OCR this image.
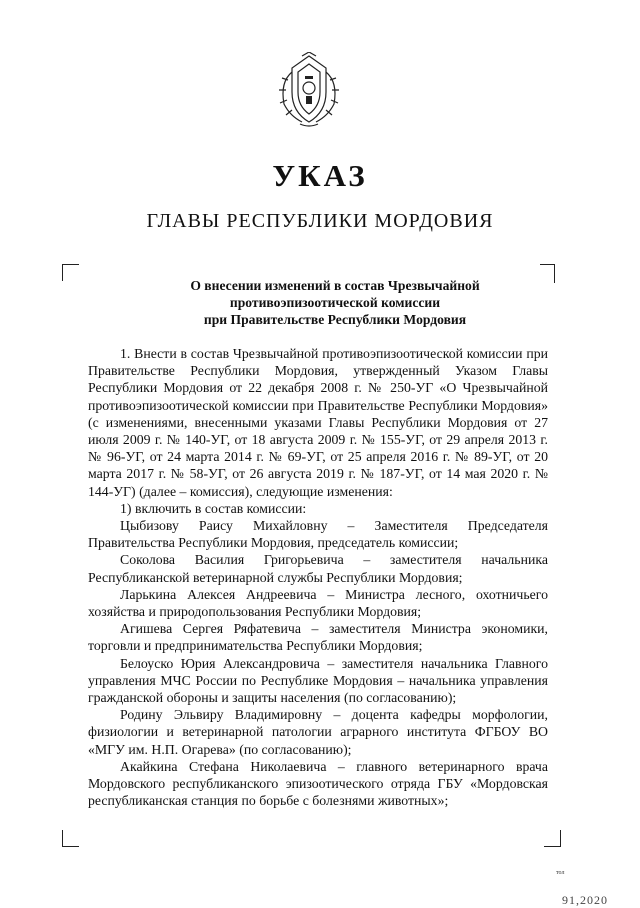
УКАЗ
ГЛАВЫ РЕСПУБЛИКИ МОРДОВИЯ
О внесении изменений в состав Чрезвычайной
противоэпизоотической комиссии
при Правительстве Республики Мордовия

1. Внести в состав Чрезвычайной противоэпизоотической комиссии при Правительстве Республики Мордовия, утвержденный Указом Главы Республики Мордовия от 22 декабря 2008 г. № 250-УГ «О Чрезвычайной противоэпизоотической комиссии при Правительстве Республики Мордовия» (с изменениями, внесенными указами Главы Республики Мордовия от 27 июля 2009 г. № 140-УГ, от 18 августа 2009 г. № 155-УГ, от 29 апреля 2013 г. № 96-УГ, от 24 марта 2014 г. № 69-УГ, от 25 апреля 2016 г. № 89-УГ, от 20 марта 2017 г. № 58-УГ, от 26 августа 2019 г. № 187-УГ, от 14 мая 2020 г. № 144-УГ) (далее – комиссия), следующие изменения:

1) включить в состав комиссии:

Цыбизову Раису Михайловну – Заместителя Председателя Правительства Республики Мордовия, председатель комиссии;

Соколова Василия Григорьевича – заместителя начальника Республиканской ветеринарной службы Республики Мордовия;

Ларькина Алексея Андреевича – Министра лесного, охотничьего хозяйства и природопользования Республики Мордовия;

Агишева Сергея Ряфатевича – заместителя Министра экономики, торговли и предпринимательства Республики Мордовия;

Белоуско Юрия Александровича – заместителя начальника Главного управления МЧС России по Республике Мордовия – начальника управления гражданской обороны и защиты населения (по согласованию);

Родину Эльвиру Владимировну – доцента кафедры морфологии, физиологии и ветеринарной патологии аграрного института ФГБОУ ВО «МГУ им. Н.П. Огарева» (по согласованию);

Акайкина Стефана Николаевича – главного ветеринарного врача Мордовского республиканского эпизоотического отряда ГБУ «Мордовская республиканская станция по борьбе с болезнями животных»;

тол
91,2020
